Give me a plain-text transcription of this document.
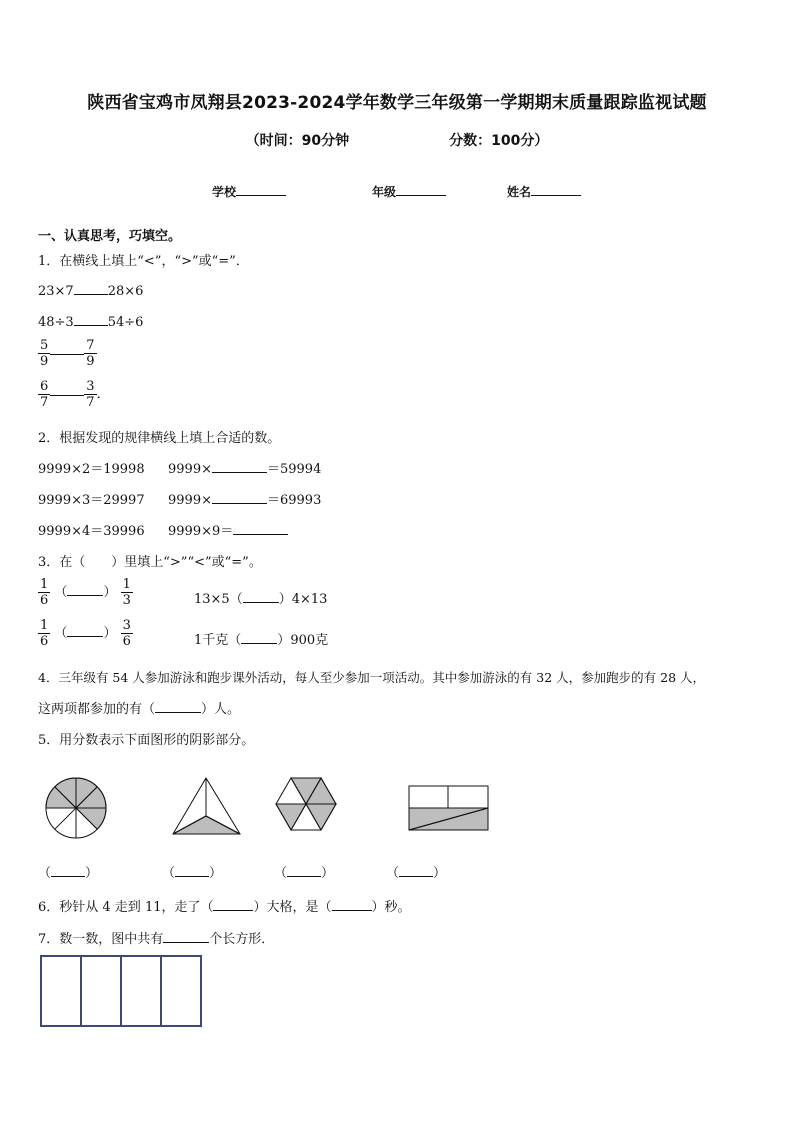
陕西省宝鸡市凤翔县2023-2024学年数学三年级第一学期期末质量跟踪监视试题
（时间：90分钟	分数：100分）
学校	年级	姓名
一、认真思考，巧填空。
1．在横线上填上“<”，“>”或“=”．
23×7	28×6
48÷3	54÷6
$\frac{5}{9}$	$\frac{7}{9}$
$\frac{6}{7}$	$\frac{3}{7}$ ．
2．根据发现的规律横线上填上合适的数。
9999×2＝19998 9999×	＝59994
9999×3＝29997 9999×	＝69993
9999×4＝39996 9999×9＝
3．在（　　）里填上“>”“<”或“=”。
$\frac{1}{6}$ （	） $\frac{1}{3}$	13×5（	）4×13
$\frac{1}{6}$ （	） $\frac{3}{6}$	1千克（	）900克
4．三年级有 54 人参加游泳和跑步课外活动，每人至少参加一项活动。其中参加游泳的有 32 人，参加跑步的有 28 人，
这两项都参加的有（	）人。
5．用分数表示下面图形的阴影部分。
（	）	（	）	（	）	（	）
6．秒针从 4 走到 11，走了（	）大格，是（	）秒。
7．数一数，图中共有	个长方形．
